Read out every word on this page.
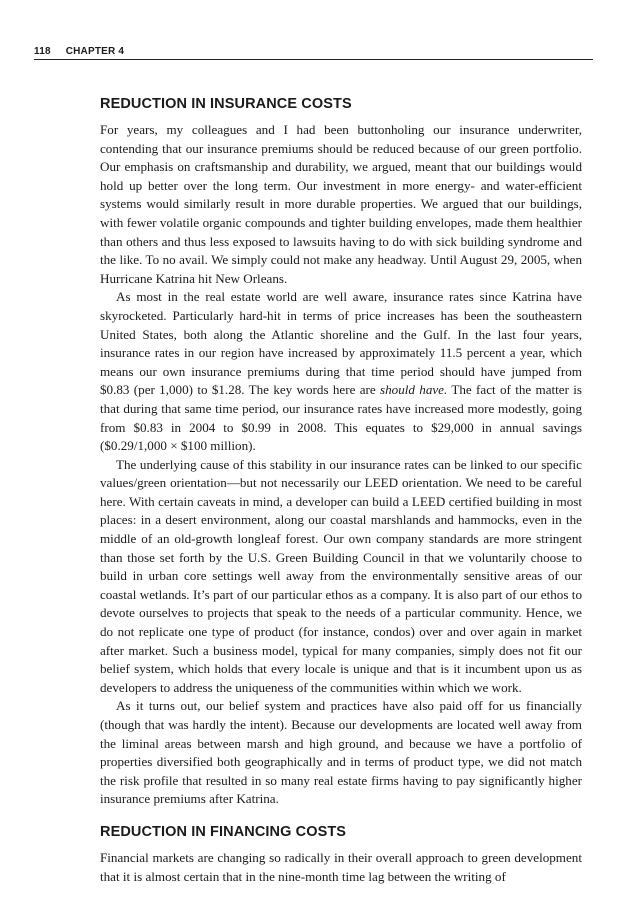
118 CHAPTER 4
REDUCTION IN INSURANCE COSTS

For years, my colleagues and I had been buttonholing our insurance underwriter, contending that our insurance premiums should be reduced because of our green portfolio. Our emphasis on craftsmanship and durability, we argued, meant that our buildings would hold up better over the long term. Our investment in more energy- and water-efficient systems would similarly result in more durable properties. We argued that our buildings, with fewer volatile organic compounds and tighter building envelopes, made them healthier than others and thus less exposed to lawsuits having to do with sick building syndrome and the like. To no avail. We simply could not make any headway. Until August 29, 2005, when Hurricane Katrina hit New Orleans.

As most in the real estate world are well aware, insurance rates since Katrina have skyrocketed. Particularly hard-hit in terms of price increases has been the southeastern United States, both along the Atlantic shoreline and the Gulf. In the last four years, insurance rates in our region have increased by approximately 11.5 percent a year, which means our own insurance premiums during that time period should have jumped from $0.83 (per 1,000) to $1.28. The key words here are should have. The fact of the matter is that during that same time period, our insurance rates have increased more modestly, going from $0.83 in 2004 to $0.99 in 2008. This equates to $29,000 in annual savings ($0.29/1,000 × $100 million).

The underlying cause of this stability in our insurance rates can be linked to our specific values/green orientation—but not necessarily our LEED orientation. We need to be careful here. With certain caveats in mind, a developer can build a LEED certified building in most places: in a desert environment, along our coastal marshlands and hammocks, even in the middle of an old-growth longleaf forest. Our own company standards are more stringent than those set forth by the U.S. Green Building Council in that we voluntarily choose to build in urban core settings well away from the environmentally sensitive areas of our coastal wetlands. It’s part of our particular ethos as a company. It is also part of our ethos to devote ourselves to projects that speak to the needs of a particular community. Hence, we do not replicate one type of product (for instance, condos) over and over again in market after market. Such a business model, typical for many companies, simply does not fit our belief system, which holds that every locale is unique and that is it incumbent upon us as developers to address the uniqueness of the communities within which we work.

As it turns out, our belief system and practices have also paid off for us financially (though that was hardly the intent). Because our developments are located well away from the liminal areas between marsh and high ground, and because we have a portfolio of properties diversified both geographically and in terms of product type, we did not match the risk profile that resulted in so many real estate firms having to pay significantly higher insurance premiums after Katrina.

REDUCTION IN FINANCING COSTS

Financial markets are changing so radically in their overall approach to green development that it is almost certain that in the nine-month time lag between the writing of
